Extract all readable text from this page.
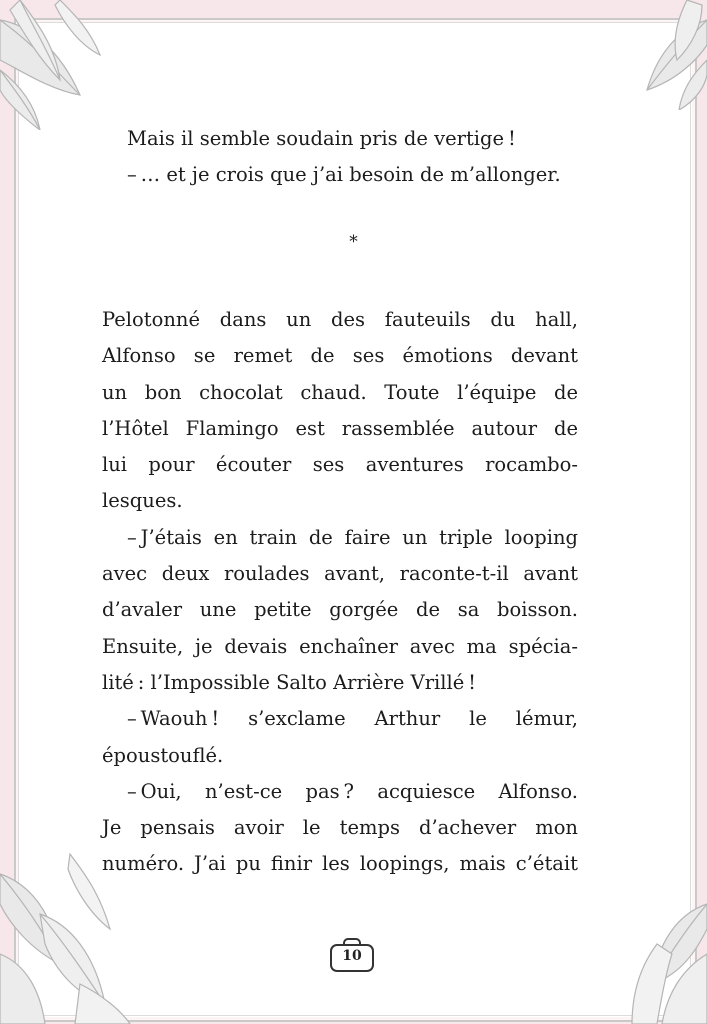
Mais il semble soudain pris de vertige !
– … et je crois que j’ai besoin de m’allonger.
*

Pelotonné dans un des fauteuils du hall,
Alfonso se remet de ses émotions devant
un bon chocolat chaud. Toute l’équipe de
l’Hôtel Flamingo est rassemblée autour de
lui pour écouter ses aventures rocambo-
lesques.

– J’étais en train de faire un triple looping
avec deux roulades avant, raconte-t-il avant
d’avaler une petite gorgée de sa boisson.
Ensuite, je devais enchaîner avec ma spécia-
lité : l’Impossible Salto Arrière Vrillé !

– Waouh ! s’exclame Arthur le lémur,
époustouflé.

– Oui, n’est-ce pas ? acquiesce Alfonso.
Je pensais avoir le temps d’achever mon
numéro. J’ai pu finir les loopings, mais c’était

10
